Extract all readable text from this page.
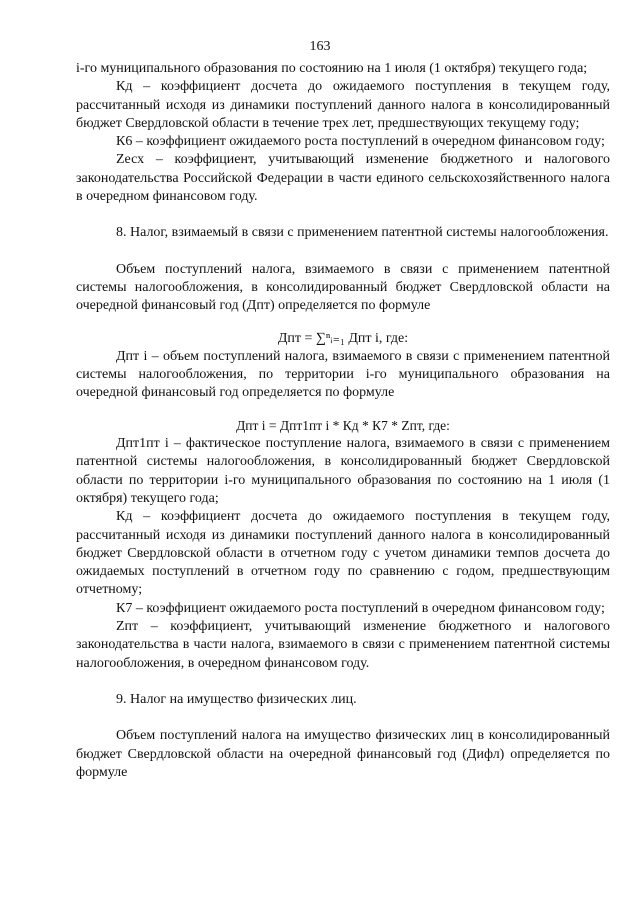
163

i-го муниципального образования по состоянию на 1 июля (1 октября) текущего года;

Кд – коэффициент досчета до ожидаемого поступления в текущем году, рассчитанный исходя из динамики поступлений данного налога в консолидированный бюджет Свердловской области в течение трех лет, предшествующих текущему году;

К6 – коэффициент ожидаемого роста поступлений в очередном финансовом году;

Zесх – коэффициент, учитывающий изменение бюджетного и налогового законодательства Российской Федерации в части единого сельскохозяйственного налога в очередном финансовом году.

8. Налог, взимаемый в связи с применением патентной системы налогообложения.

Объем поступлений налога, взимаемого в связи с применением патентной системы налогообложения, в консолидированный бюджет Свердловской области на очередной финансовый год (Дпт) определяется по формуле

Дпт = ∑ⁿᵢ₌₁ Дпт i, где:

Дпт i – объем поступлений налога, взимаемого в связи с применением патентной системы налогообложения, по территории i-го муниципального образования на очередной финансовый год определяется по формуле

Дпт i = Дпт1пт i * Кд * К7 * Zпт, где:

Дпт1пт i – фактическое поступление налога, взимаемого в связи с применением патентной системы налогообложения, в консолидированный бюджет Свердловской области по территории i-го муниципального образования по состоянию на 1 июля (1 октября) текущего года;

Кд – коэффициент досчета до ожидаемого поступления в текущем году, рассчитанный исходя из динамики поступлений данного налога в консолидированный бюджет Свердловской области в отчетном году с учетом динамики темпов досчета до ожидаемых поступлений в отчетном году по сравнению с годом, предшествующим отчетному;

К7 – коэффициент ожидаемого роста поступлений в очередном финансовом году;

Zпт – коэффициент, учитывающий изменение бюджетного и налогового законодательства в части налога, взимаемого в связи с применением патентной системы налогообложения, в очередном финансовом году.

9. Налог на имущество физических лиц.

Объем поступлений налога на имущество физических лиц в консолидированный бюджет Свердловской области на очередной финансовый год (Дифл) определяется по формуле
